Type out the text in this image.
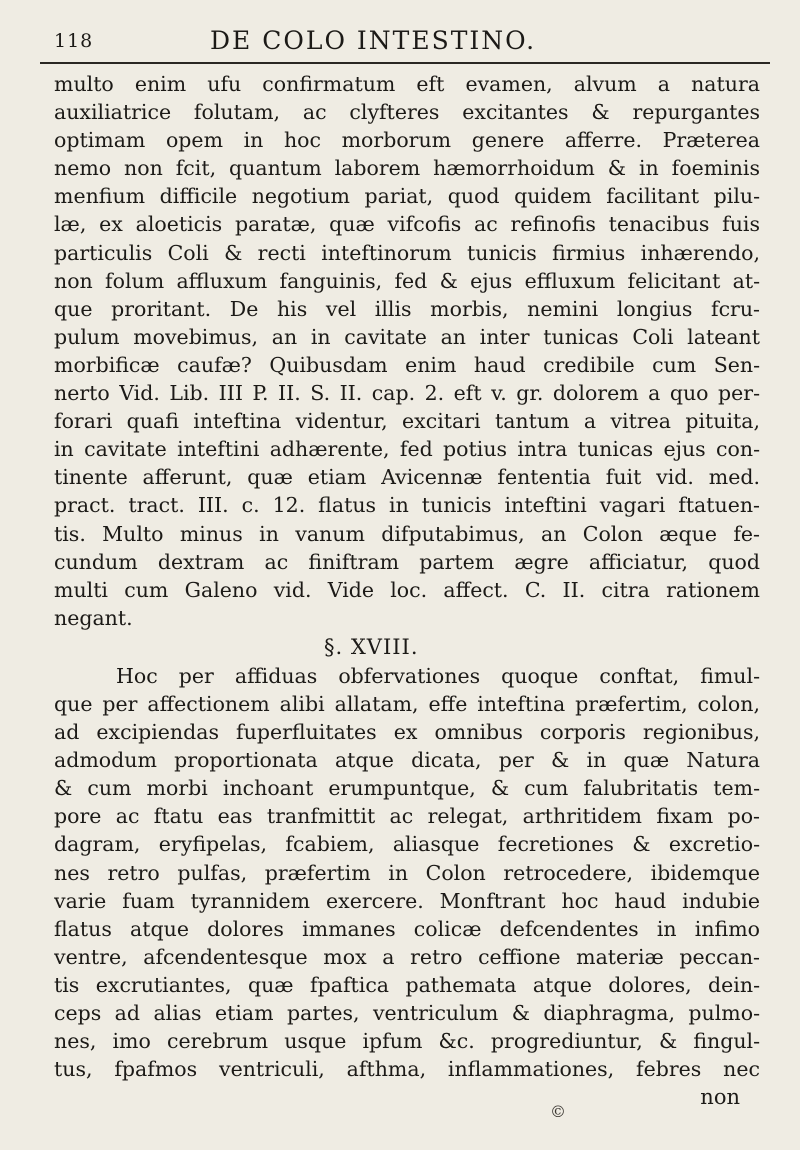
118	DE COLO INTESTINO.
multo enim ufu confirmatum eft evamen, alvum a natura
auxiliatrice folutam, ac clyfteres excitantes & repurgantes
optimam opem in hoc morborum genere afferre. Præterea
nemo non fcit, quantum laborem hæmorrhoidum & in foeminis
menfium difficile negotium pariat, quod quidem facilitant pilu-
læ, ex aloeticis paratæ, quæ vifcofis ac refinofis tenacibus fuis
particulis Coli & recti inteftinorum tunicis firmius inhærendo,
non folum affluxum fanguinis, fed & ejus effluxum felicitant at-
que proritant. De his vel illis morbis, nemini longius fcru-
pulum movebimus, an in cavitate an inter tunicas Coli lateant
morbificæ caufæ? Quibusdam enim haud credibile cum Sen-
nerto Vid. Lib. III P. II. S. II. cap. 2. eft v. gr. dolorem a quo per-
forari quafi inteftina videntur, excitari tantum a vitrea pituita,
in cavitate inteftini adhærente, fed potius intra tunicas ejus con-
tinente afferunt, quæ etiam Avicennæ fententia fuit vid. med.
pract. tract. III. c. 12. flatus in tunicis inteftini vagari ftatuen-
tis. Multo minus in vanum difputabimus, an Colon æque fe-
cundum dextram ac finiftram partem ægre afficiatur, quod
multi cum Galeno vid. Vide loc. affect. C. II. citra rationem
negant.
§. XVIII.
Hoc per affiduas obfervationes quoque conftat, fimul-
que per affectionem alibi allatam, effe inteftina præfertim, colon,
ad excipiendas fuperfluitates ex omnibus corporis regionibus,
admodum proportionata atque dicata, per & in quæ Natura
& cum morbi inchoant erumpuntque, & cum falubritatis tem-
pore ac ftatu eas tranfmittit ac relegat, arthritidem fixam po-
dagram, eryfipelas, fcabiem, aliasque fecretiones & excretio-
nes retro pulfas, præfertim in Colon retrocedere, ibidemque
varie fuam tyrannidem exercere. Monftrant hoc haud indubie
flatus atque dolores immanes colicæ defcendentes in infimo
ventre, afcendentesque mox a retro ceffione materiæ peccan-
tis excrutiantes, quæ fpaftica pathemata atque dolores, dein-
ceps ad alias etiam partes, ventriculum & diaphragma, pulmo-
nes, imo cerebrum usque ipfum &c. progrediuntur, & fingul-
tus, fpafmos ventriculi, afthma, inflammationes, febres nec
non
©
